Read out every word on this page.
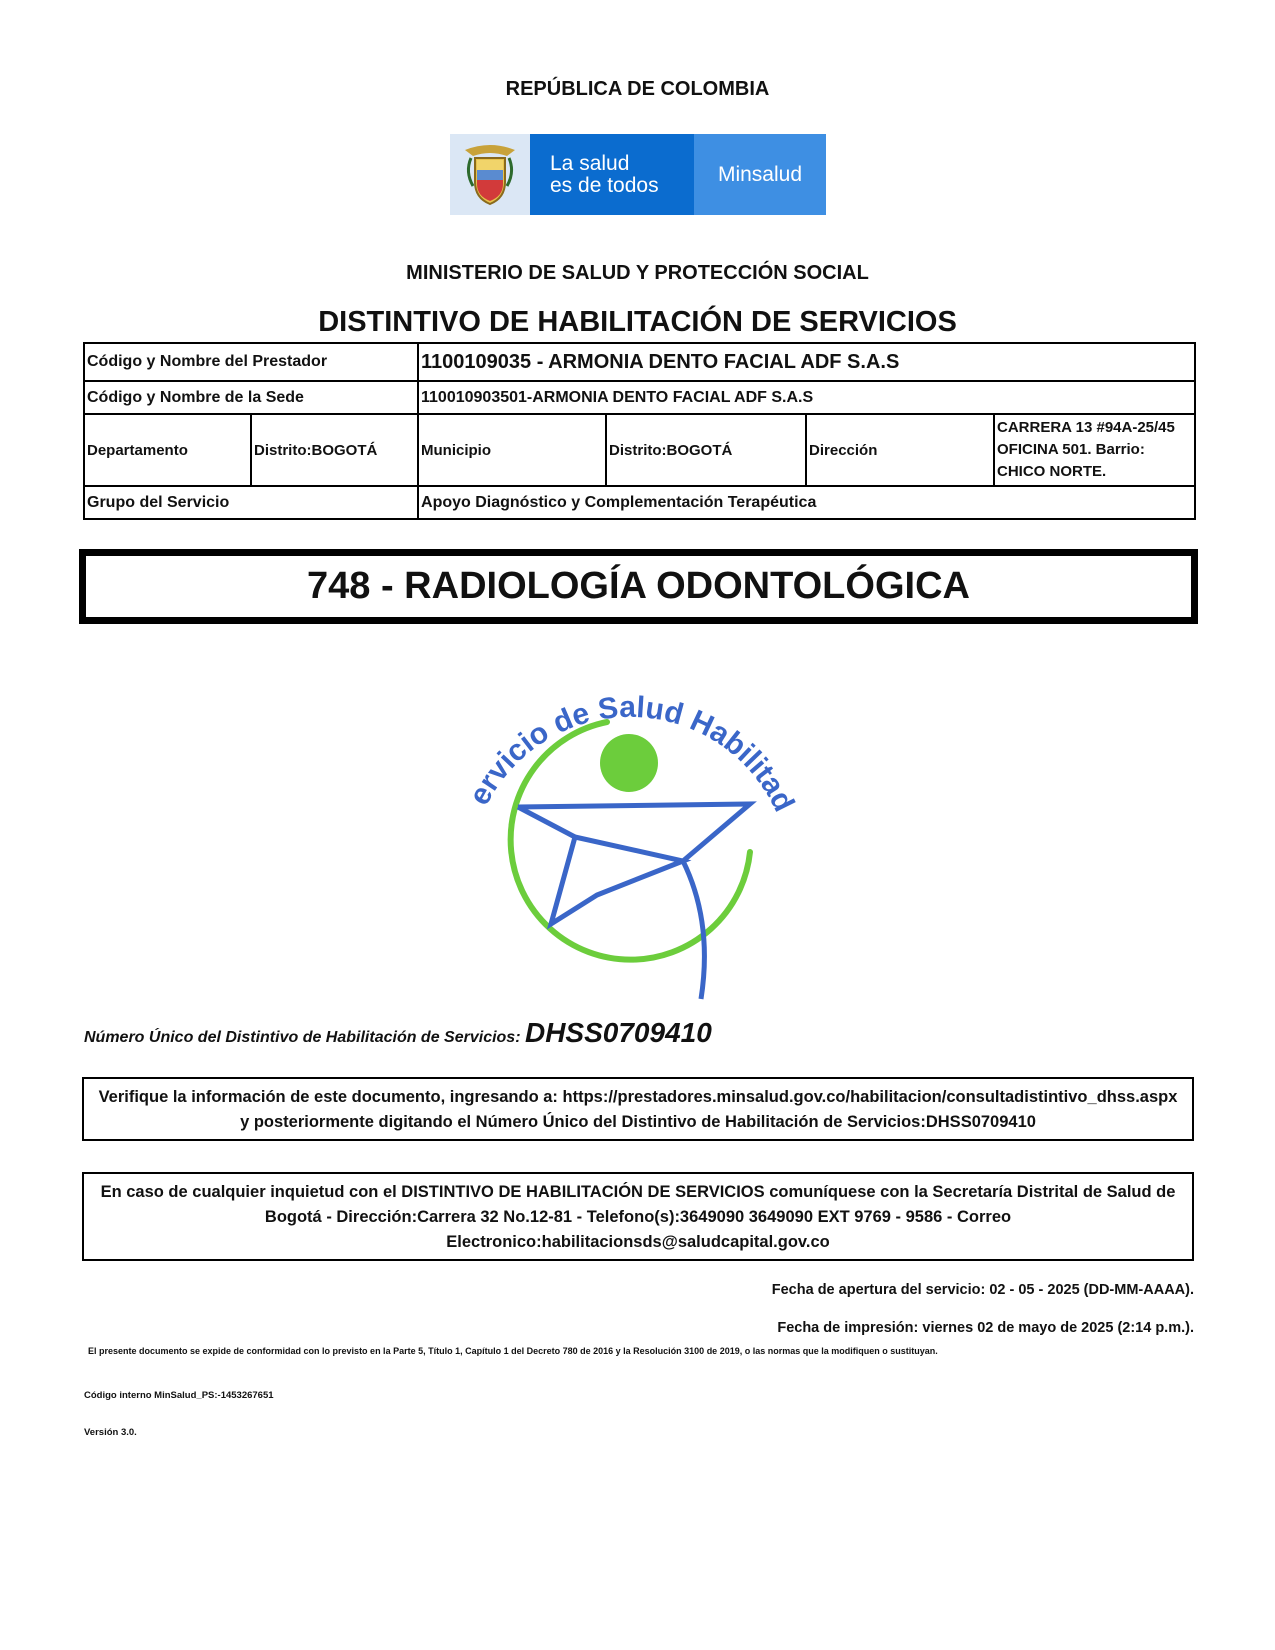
REPÚBLICA DE COLOMBIA
La salud
es de todos	Minsalud
MINISTERIO DE SALUD Y PROTECCIÓN SOCIAL
DISTINTIVO DE HABILITACIÓN DE SERVICIOS
Código y Nombre del Prestador		1100109035 - ARMONIA DENTO FACIAL ADF S.A.S			
Código y Nombre de la Sede		110010903501-ARMONIA DENTO FACIAL ADF S.A.S			
Departamento	Distrito:BOGOTÁ	Municipio	Distrito:BOGOTÁ	Dirección	CARRERA 13 #94A-25/45 OFICINA 501. Barrio: CHICO NORTE.
Grupo del Servicio		Apoyo Diagnóstico y Complementación Terapéutica			
748 - RADIOLOGÍA ODONTOLÓGICA
ervicio de Salud Habilitad
Número Único del Distintivo de Habilitación de Servicios: DHSS0709410
Verifique la información de este documento, ingresando a: https://prestadores.minsalud.gov.co/habilitacion/consultadistintivo_dhss.aspx
y posteriormente digitando el Número Único del Distintivo de Habilitación de Servicios:DHSS0709410
En caso de cualquier inquietud con el DISTINTIVO DE HABILITACIÓN DE SERVICIOS comuníquese con la Secretaría Distrital de Salud de Bogotá - Dirección:Carrera 32 No.12-81 - Telefono(s):3649090 3649090 EXT 9769 - 9586 - Correo Electronico:habilitacionsds@saludcapital.gov.co
Fecha de apertura del servicio: 02 - 05 - 2025 (DD-MM-AAAA).
Fecha de impresión: viernes 02 de mayo de 2025 (2:14 p.m.).
El presente documento se expide de conformidad con lo previsto en la Parte 5, Título 1, Capítulo 1 del Decreto 780 de 2016 y la Resolución 3100 de 2019, o las normas que la modifiquen o sustituyan.
Código interno MinSalud_PS:-1453267651
Versión 3.0.
